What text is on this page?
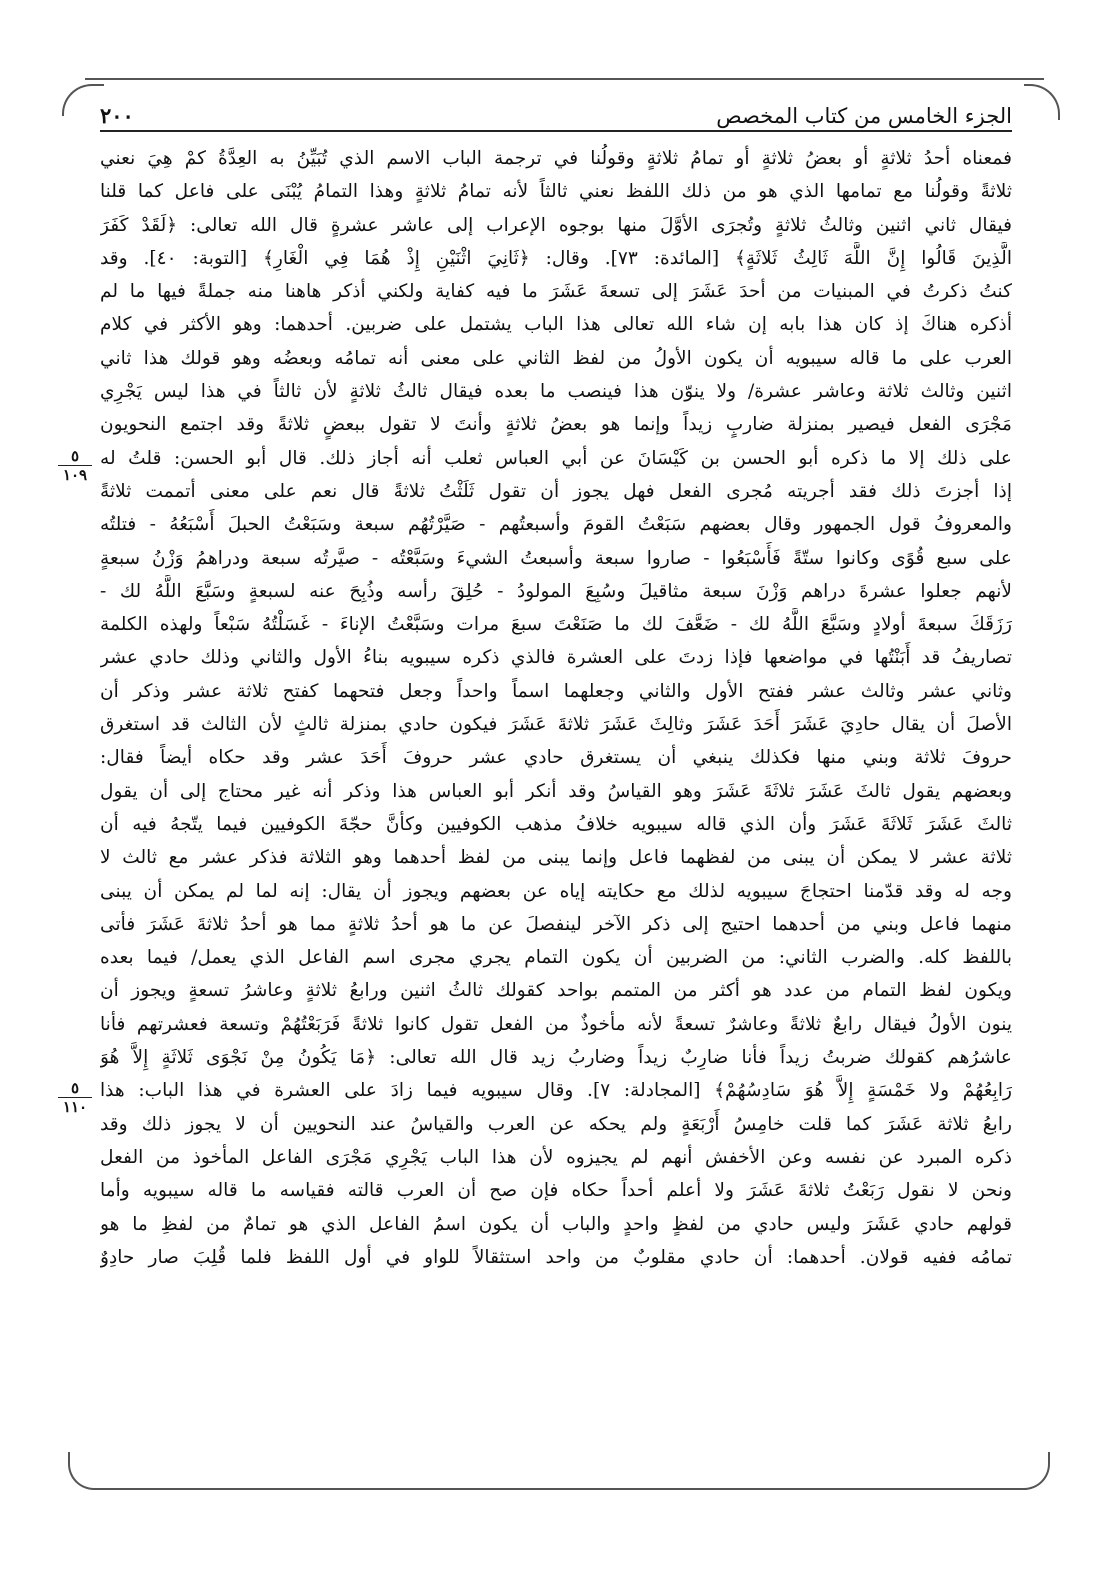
الجزء الخامس من كتاب المخصص
٢٠٠
٥
١٠٩
٥
١١٠
فمعناه أحدُ ثلاثةٍ أو بعضُ ثلاثةٍ أو تمامُ ثلاثةٍ وقولُنا في ترجمة الباب الاسم الذي تُبَيِّنُ به العِدَّةُ كمْ هِيَ نعني
ثلاثةً وقولُنا مع تمامها الذي هو من ذلك اللفظ نعني ثالثاً لأنه تمامُ ثلاثةٍ وهذا التمامُ يُبْنَى على فاعل كما قلنا
فيقال ثاني اثنين وثالثُ ثلاثةٍ وتُجرَى الأوَّلَ منها بوجوه الإعراب إلى عاشر عشرةٍ قال الله تعالى: ﴿لَقَدْ كَفَرَ
الَّذِينَ قَالُوا إِنَّ اللَّهَ ثَالِثُ ثَلاثَةٍ﴾ [المائدة: ٧٣]. وقال: ﴿ثَانِيَ اثْنَيْنِ إِذْ هُمَا فِي الْغَارِ﴾ [التوبة: ٤٠]. وقد
كنتُ ذكرتُ في المبنيات من أحدَ عَشَرَ إلى تسعةَ عَشَرَ ما فيه كفاية ولكني أذكر هاهنا منه جملةً فيها ما لم
أذكره هناكَ إذ كان هذا بابه إن شاء الله تعالى هذا الباب يشتمل على ضربين. أحدهما: وهو الأكثر في كلام
العرب على ما قاله سيبويه أن يكون الأولُ من لفظ الثاني على معنى أنه تمامُه وبعضُه وهو قولك هذا ثاني
اثنين وثالث ثلاثة وعاشر عشرة/ ولا ينوّن هذا فينصب ما بعده فيقال ثالثُ ثلاثةٍ لأن ثالثاً في هذا ليس يَجْرِي
مَجْرَى الفعل فيصير بمنزلة ضاربٍ زيداً وإنما هو بعضُ ثلاثةٍ وأنتَ لا تقول ببعضٍ ثلاثةً وقد اجتمع النحويون
على ذلك إلا ما ذكره أبو الحسن بن كَيْسَانَ عن أبي العباس ثعلب أنه أجاز ذلك. قال أبو الحسن: قلتُ له
إذا أجزتَ ذلك فقد أجريته مُجرى الفعل فهل يجوز أن تقول ثَلَثْتُ ثلاثةً قال نعم على معنى أتممت ثلاثةً
والمعروفُ قول الجمهور وقال بعضهم سَبَعْتُ القومَ وأسبعتُهم - صَيَّرْتُهُم سبعة وسَبَعْتُ الحبلَ أَسْبَعُهُ - فتلتُه
على سبع قُوًى وكانوا ستّةً فَأَسْبَعُوا - صاروا سبعة وأسبعتُ الشيءَ وسَبَّعْتُه - صيَّرتُه سبعة ودراهمُ وَزْنُ سبعةٍ
لأنهم جعلوا عشرةَ دراهم وَزْنَ سبعة مثاقيلَ وسُبِعَ المولودُ - حُلِقَ رأسه وذُبِحَ عنه لسبعةٍ وسَبَّعَ اللَّهُ لك -
رَزَقَكَ سبعةَ أولادٍ وسَبَّعَ اللَّهُ لك - ضَعَّفَ لك ما صَنَعْتَ سبعَ مرات وسَبَّعْتُ الإناءَ - غَسَلْتُهُ سَبْعاً ولهذه الكلمة
تصاريفُ قد أَبَنْتُها في مواضعها فإذا زدتَ على العشرة فالذي ذكره سيبويه بناءُ الأول والثاني وذلك حادي عشر
وثاني عشر وثالث عشر ففتح الأول والثاني وجعلهما اسماً واحداً وجعل فتحهما كفتح ثلاثة عشر وذكر أن
الأصلَ أن يقال حادِيَ عَشَرَ أَحَدَ عَشَرَ وثالِثَ عَشَرَ ثلاثةَ عَشَرَ فيكون حادي بمنزلة ثالثٍ لأن الثالث قد استغرق
حروفَ ثلاثة وبني منها فكذلك ينبغي أن يستغرق حادي عشر حروفَ أَحَدَ عشر وقد حكاه أيضاً فقال:
وبعضهم يقول ثالثَ عَشَرَ ثلاثَةَ عَشَرَ وهو القياسُ وقد أنكر أبو العباس هذا وذكر أنه غير محتاج إلى أن يقول
ثالثَ عَشَرَ ثَلاثَةَ عَشَرَ وأن الذي قاله سيبويه خلافُ مذهب الكوفيين وكأنَّ حجّةَ الكوفيين فيما يتّجهُ فيه أن
ثلاثة عشر لا يمكن أن يبنى من لفظهما فاعل وإنما يبنى من لفظ أحدهما وهو الثلاثة فذكر عشر مع ثالث لا
وجه له وقد قدّمنا احتجاجَ سيبويه لذلك مع حكايته إياه عن بعضهم ويجوز أن يقال: إنه لما لم يمكن أن يبنى
منهما فاعل وبني من أحدهما احتيج إلى ذكر الآخر لينفصلَ عن ما هو أحدُ ثلاثةٍ مما هو أحدُ ثلاثةَ عَشَرَ فأتى
باللفظ كله. والضرب الثاني: من الضربين أن يكون التمام يجري مجرى اسم الفاعل الذي يعمل/ فيما بعده
ويكون لفظ التمام من عدد هو أكثر من المتمم بواحد كقولك ثالثُ اثنين ورابعُ ثلاثةٍ وعاشرُ تسعةٍ ويجوز أن
ينون الأولُ فيقال رابعٌ ثلاثةً وعاشرٌ تسعةً لأنه مأخوذٌ من الفعل تقول كانوا ثلاثةً فَرَبَعْتُهُمْ وتسعة فعشرتهم فأنا
عاشرُهم كقولك ضربتُ زيداً فأنا ضارِبٌ زيداً وضاربُ زيد قال الله تعالى: ﴿مَا يَكُونُ مِنْ نَجْوَى ثَلاثَةٍ إِلاَّ هُوَ
رَابِعُهُمْ ولا خَمْسَةٍ إِلاَّ هُوَ سَادِسُهُمْ﴾ [المجادلة: ٧]. وقال سيبويه فيما زادَ على العشرة في هذا الباب: هذا
رابعُ ثلاثة عَشَرَ كما قلت خامِسُ أَرْبَعَةٍ ولم يحكه عن العرب والقياسُ عند النحويين أن لا يجوز ذلك وقد
ذكره المبرد عن نفسه وعن الأخفش أنهم لم يجيزوه لأن هذا الباب يَجْرِي مَجْرَى الفاعل المأخوذ من الفعل
ونحن لا نقول رَبَعْتُ ثلاثةَ عَشَرَ ولا أعلم أحداً حكاه فإن صح أن العرب قالته فقياسه ما قاله سيبويه وأما
قولهم حادي عَشَرَ وليس حادي من لفظٍ واحدٍ والباب أن يكون اسمُ الفاعل الذي هو تمامٌ من لفظِ ما هو
تمامُه ففيه قولان. أحدهما: أن حادي مقلوبٌ من واحد استثقالاً للواو في أول اللفظ فلما قُلِبَ صار حادِوٌ
